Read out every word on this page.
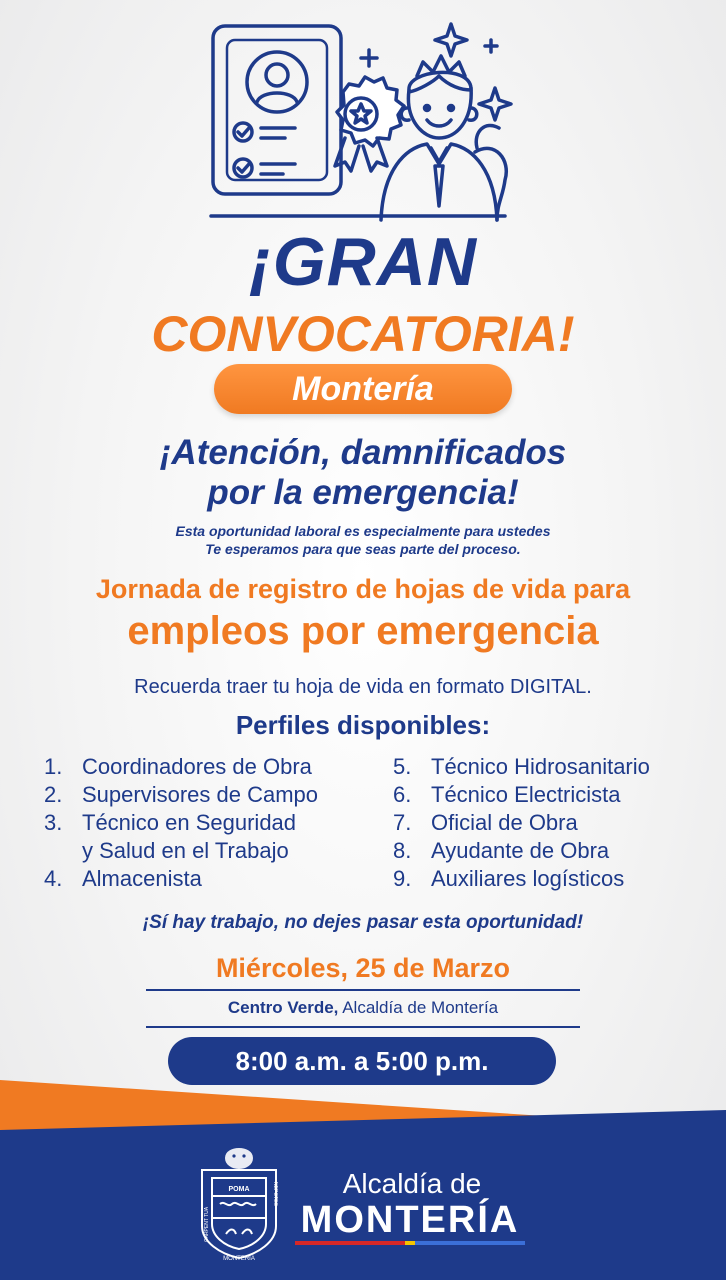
¡GRAN
CONVOCATORIA!
Montería
¡Atención, damnificados
por la emergencia!
Esta oportunidad laboral es especialmente para ustedes
Te esperamos para que seas parte del proceso.
Jornada de registro de hojas de vida para
empleos por emergencia
Recuerda traer tu hoja de vida en formato DIGITAL.
Perfiles disponibles:
1. Coordinadores de Obra
2. Supervisores de Campo
3. Técnico en Seguridad
y Salud en el Trabajo
4. Almacenista
5. Técnico Hidrosanitario
6. Técnico Electricista
7. Oficial de Obra
8. Ayudante de Obra
9. Auxiliares logísticos
¡Sí hay trabajo, no dejes pasar esta oportunidad!
Miércoles, 25 de Marzo
Centro Verde, Alcaldía de Montería
8:00 a.m. a 5:00 p.m.
POMA
CARPENT TUA
NEPOTES
MONTERIA
Alcaldía de
MONTERÍA
